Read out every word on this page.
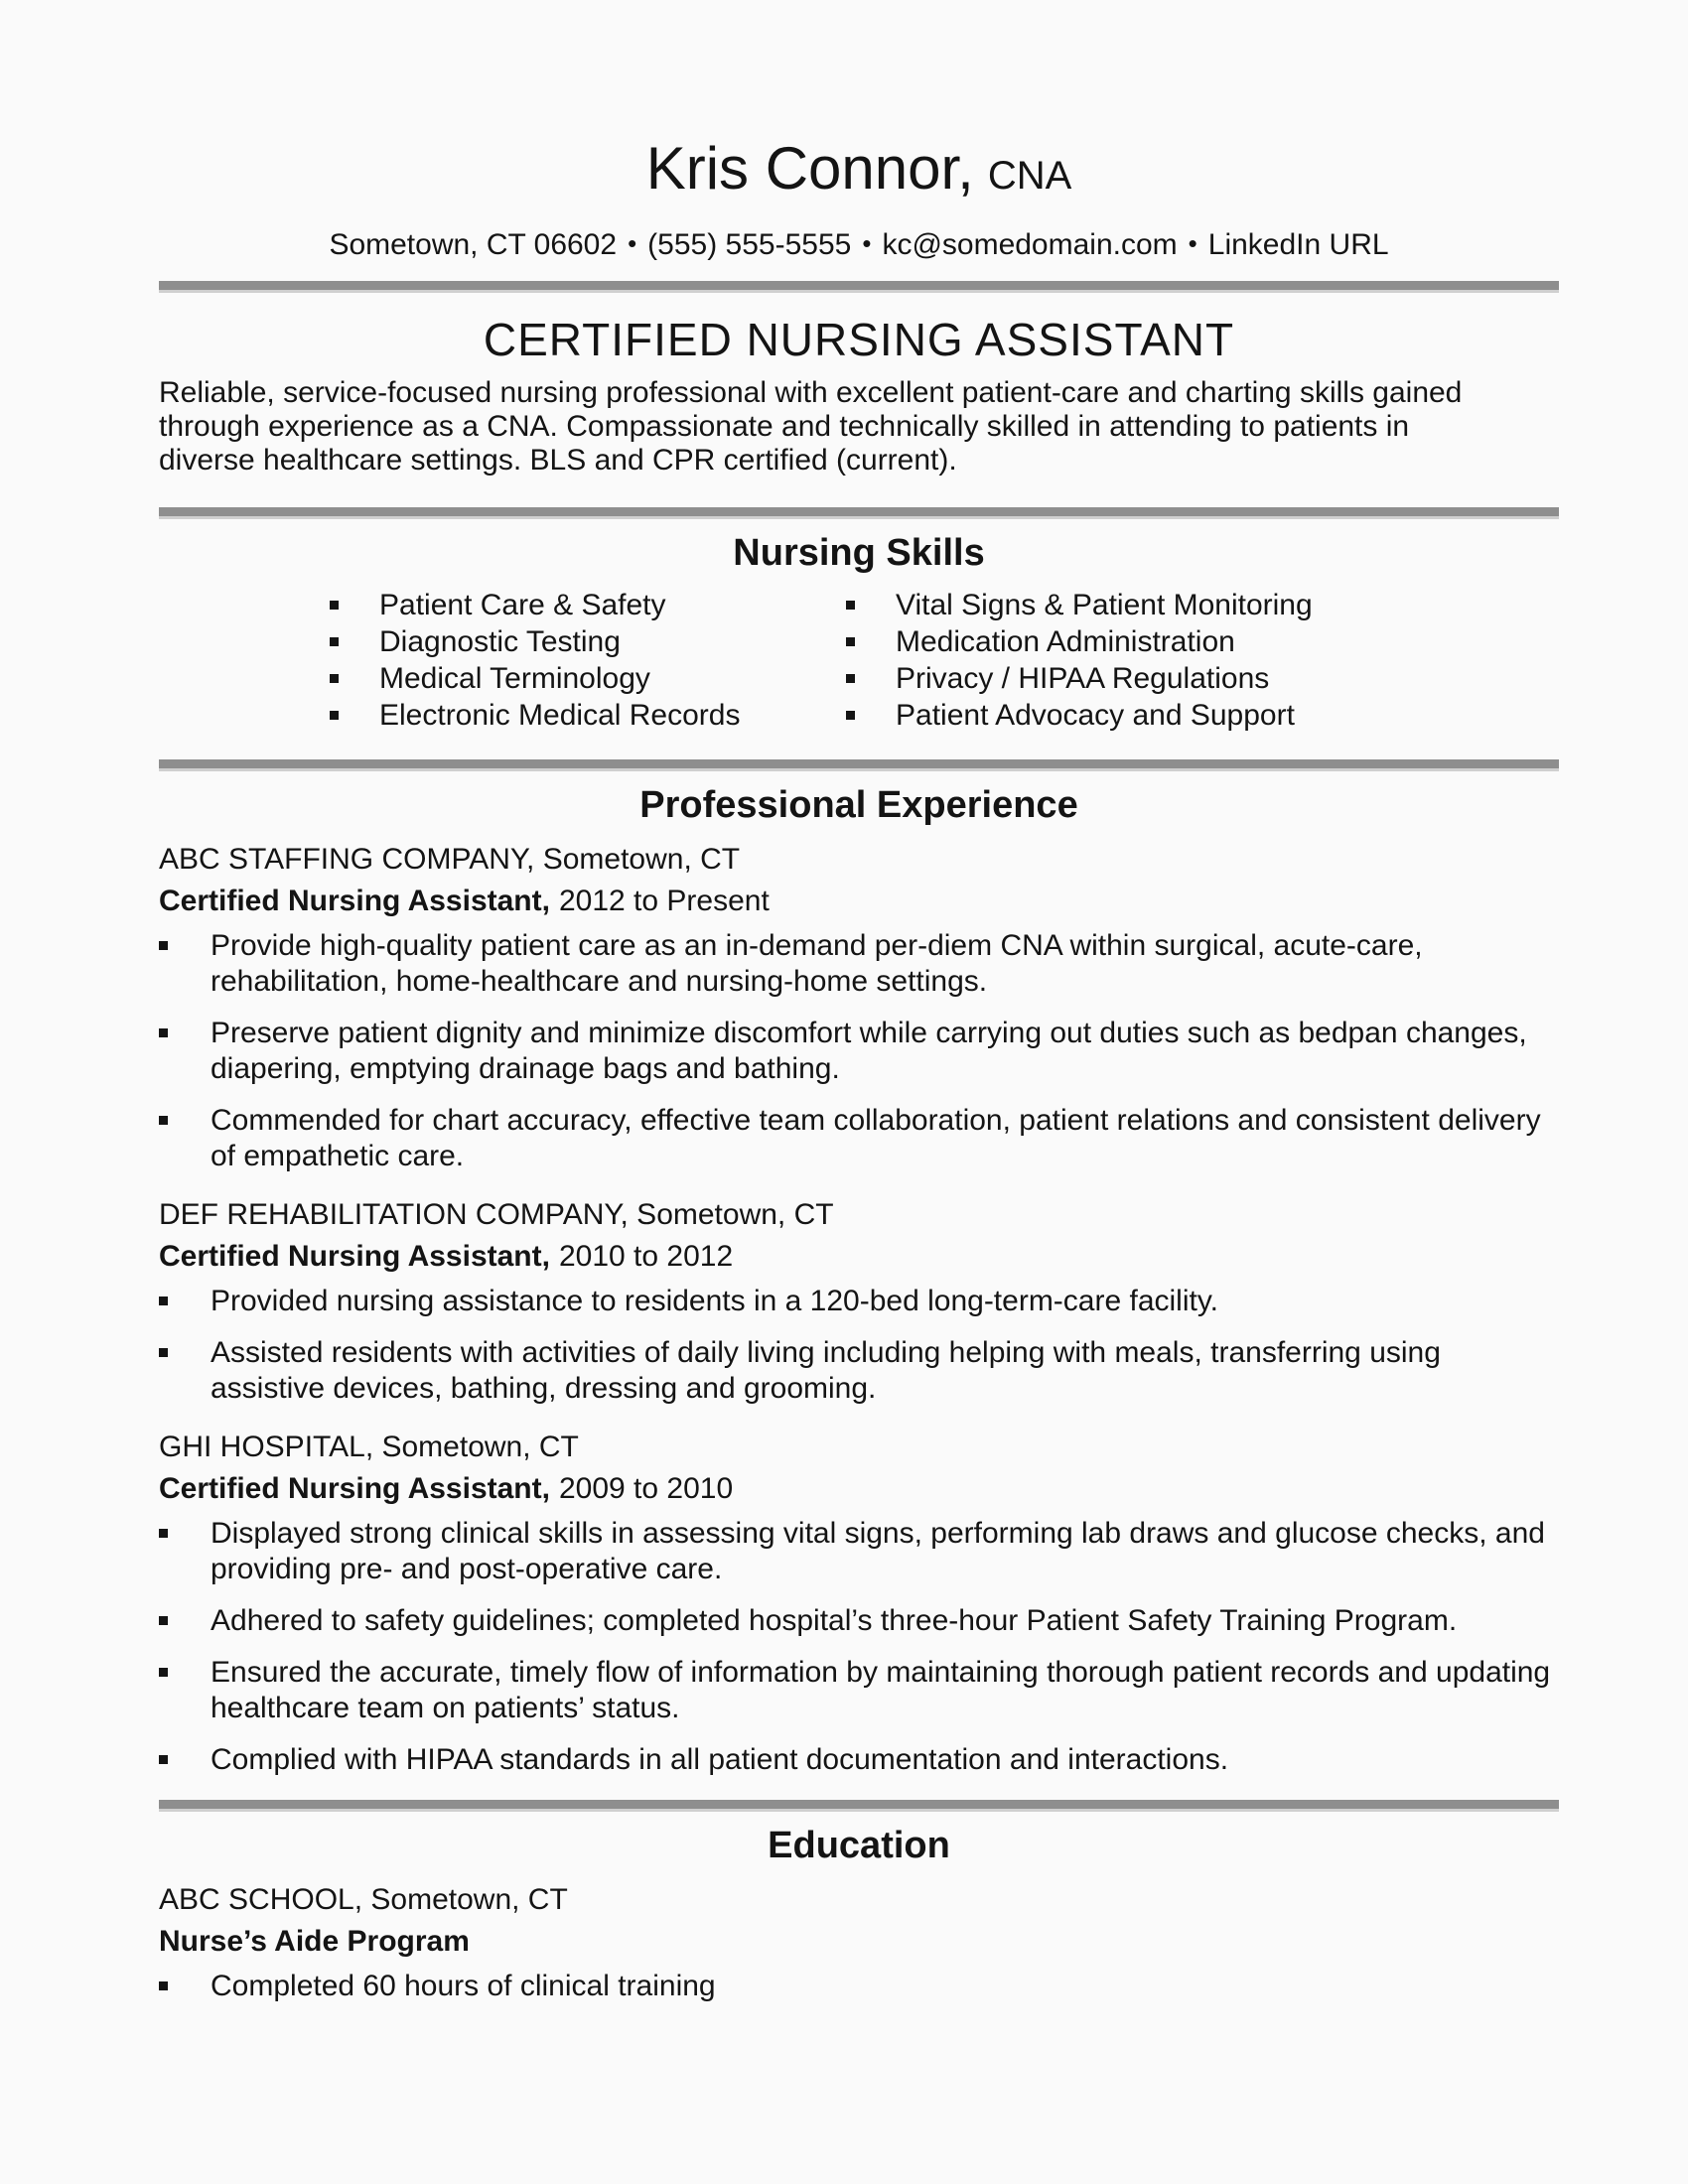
Kris Connor, CNA
Sometown, CT 06602 • (555) 555-5555 • kc@somedomain.com • LinkedIn URL
CERTIFIED NURSING ASSISTANT
Reliable, service-focused nursing professional with excellent patient-care and charting skills gained through experience as a CNA. Compassionate and technically skilled in attending to patients in diverse healthcare settings. BLS and CPR certified (current).
Nursing Skills
Patient Care & Safety
Diagnostic Testing
Medical Terminology
Electronic Medical Records
Vital Signs & Patient Monitoring
Medication Administration
Privacy / HIPAA Regulations
Patient Advocacy and Support
Professional Experience
ABC STAFFING COMPANY, Sometown, CT
Certified Nursing Assistant, 2012 to Present
Provide high-quality patient care as an in-demand per-diem CNA within surgical, acute-care, rehabilitation, home-healthcare and nursing-home settings.
Preserve patient dignity and minimize discomfort while carrying out duties such as bedpan changes, diapering, emptying drainage bags and bathing.
Commended for chart accuracy, effective team collaboration, patient relations and consistent delivery of empathetic care.
DEF REHABILITATION COMPANY, Sometown, CT
Certified Nursing Assistant, 2010 to 2012
Provided nursing assistance to residents in a 120-bed long-term-care facility.
Assisted residents with activities of daily living including helping with meals, transferring using assistive devices, bathing, dressing and grooming.
GHI HOSPITAL, Sometown, CT
Certified Nursing Assistant, 2009 to 2010
Displayed strong clinical skills in assessing vital signs, performing lab draws and glucose checks, and providing pre- and post-operative care.
Adhered to safety guidelines; completed hospital’s three-hour Patient Safety Training Program.
Ensured the accurate, timely flow of information by maintaining thorough patient records and updating healthcare team on patients’ status.
Complied with HIPAA standards in all patient documentation and interactions.
Education
ABC SCHOOL, Sometown, CT
Nurse’s Aide Program
Completed 60 hours of clinical training
